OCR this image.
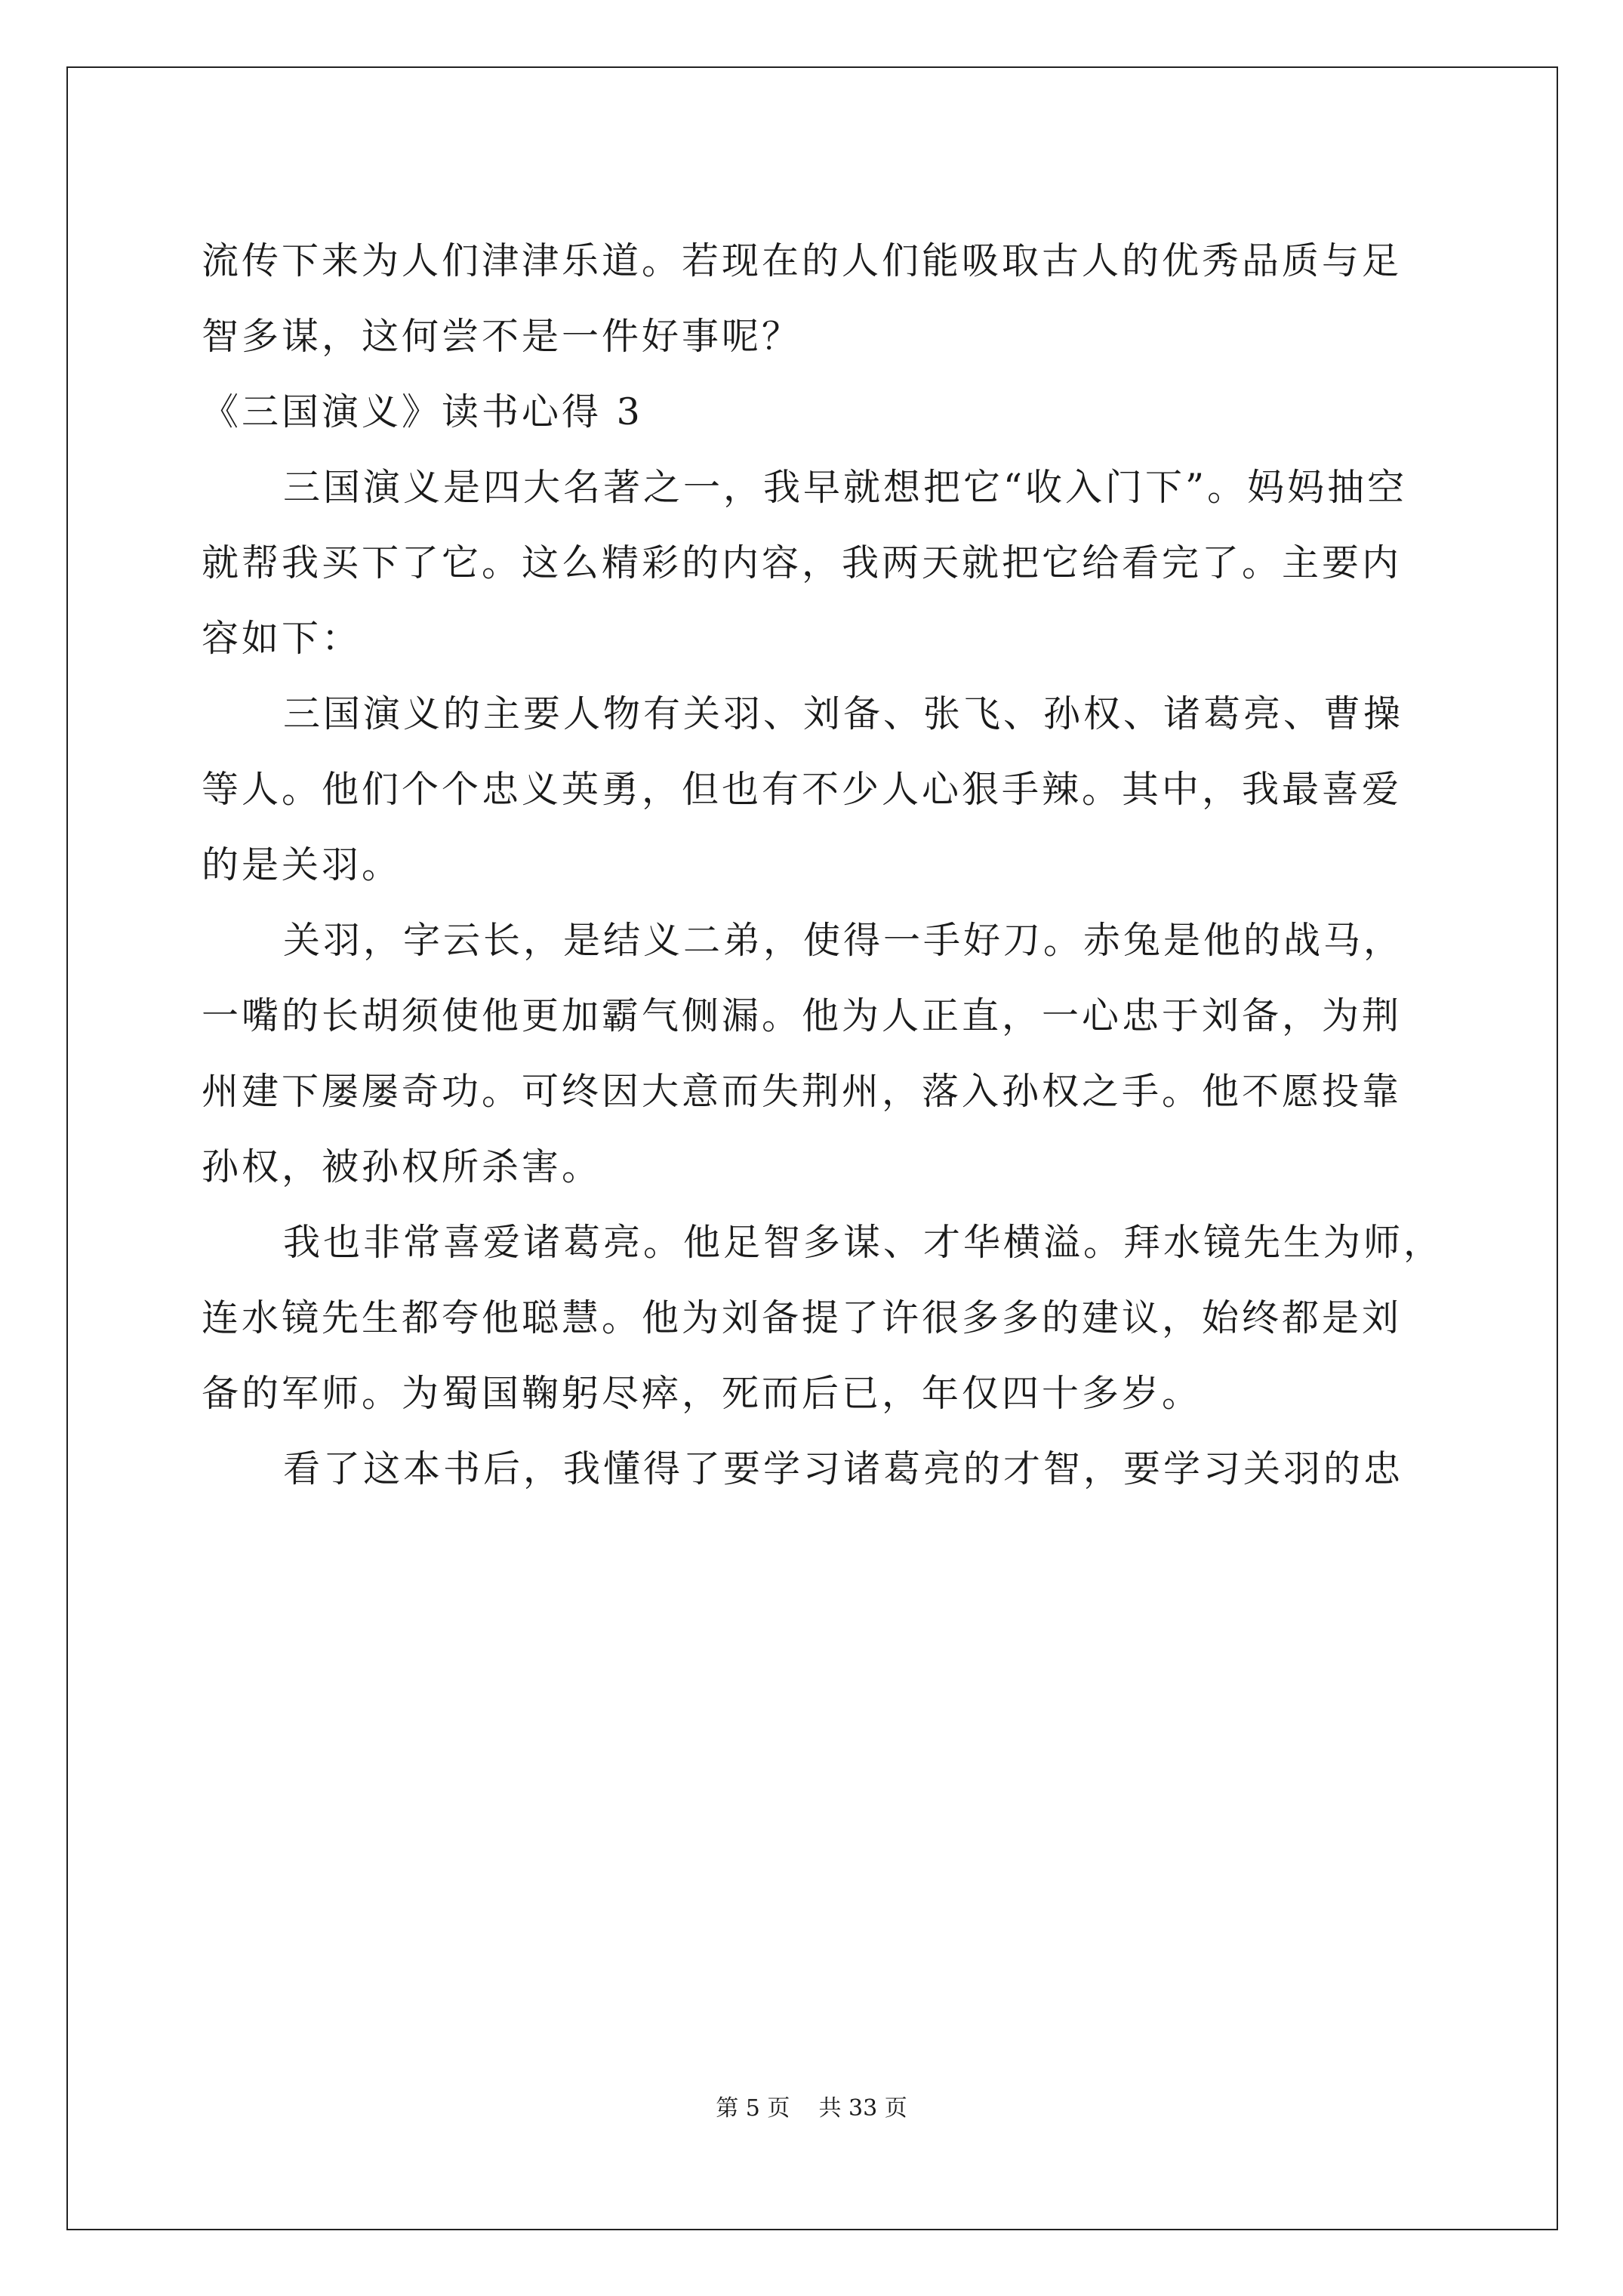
流传下来为人们津津乐道。若现在的人们能吸取古人的优秀品质与足
智多谋，这何尝不是一件好事呢？
《三国演义》读书心得 3
三国演义是四大名著之一，我早就想把它“收入门下”。妈妈抽空
就帮我买下了它。这么精彩的内容，我两天就把它给看完了。主要内
容如下：
三国演义的主要人物有关羽、刘备、张飞、孙权、诸葛亮、曹操
等人。他们个个忠义英勇，但也有不少人心狠手辣。其中，我最喜爱
的是关羽。
关羽，字云长，是结义二弟，使得一手好刀。赤兔是他的战马，
一嘴的长胡须使他更加霸气侧漏。他为人正直，一心忠于刘备，为荆
州建下屡屡奇功。可终因大意而失荆州，落入孙权之手。他不愿投靠
孙权，被孙权所杀害。
我也非常喜爱诸葛亮。他足智多谋、才华横溢。拜水镜先生为师，
连水镜先生都夸他聪慧。他为刘备提了许很多多的建议，始终都是刘
备的军师。为蜀国鞠躬尽瘁，死而后已，年仅四十多岁。
看了这本书后，我懂得了要学习诸葛亮的才智，要学习关羽的忠
第 5 页    共 33 页
